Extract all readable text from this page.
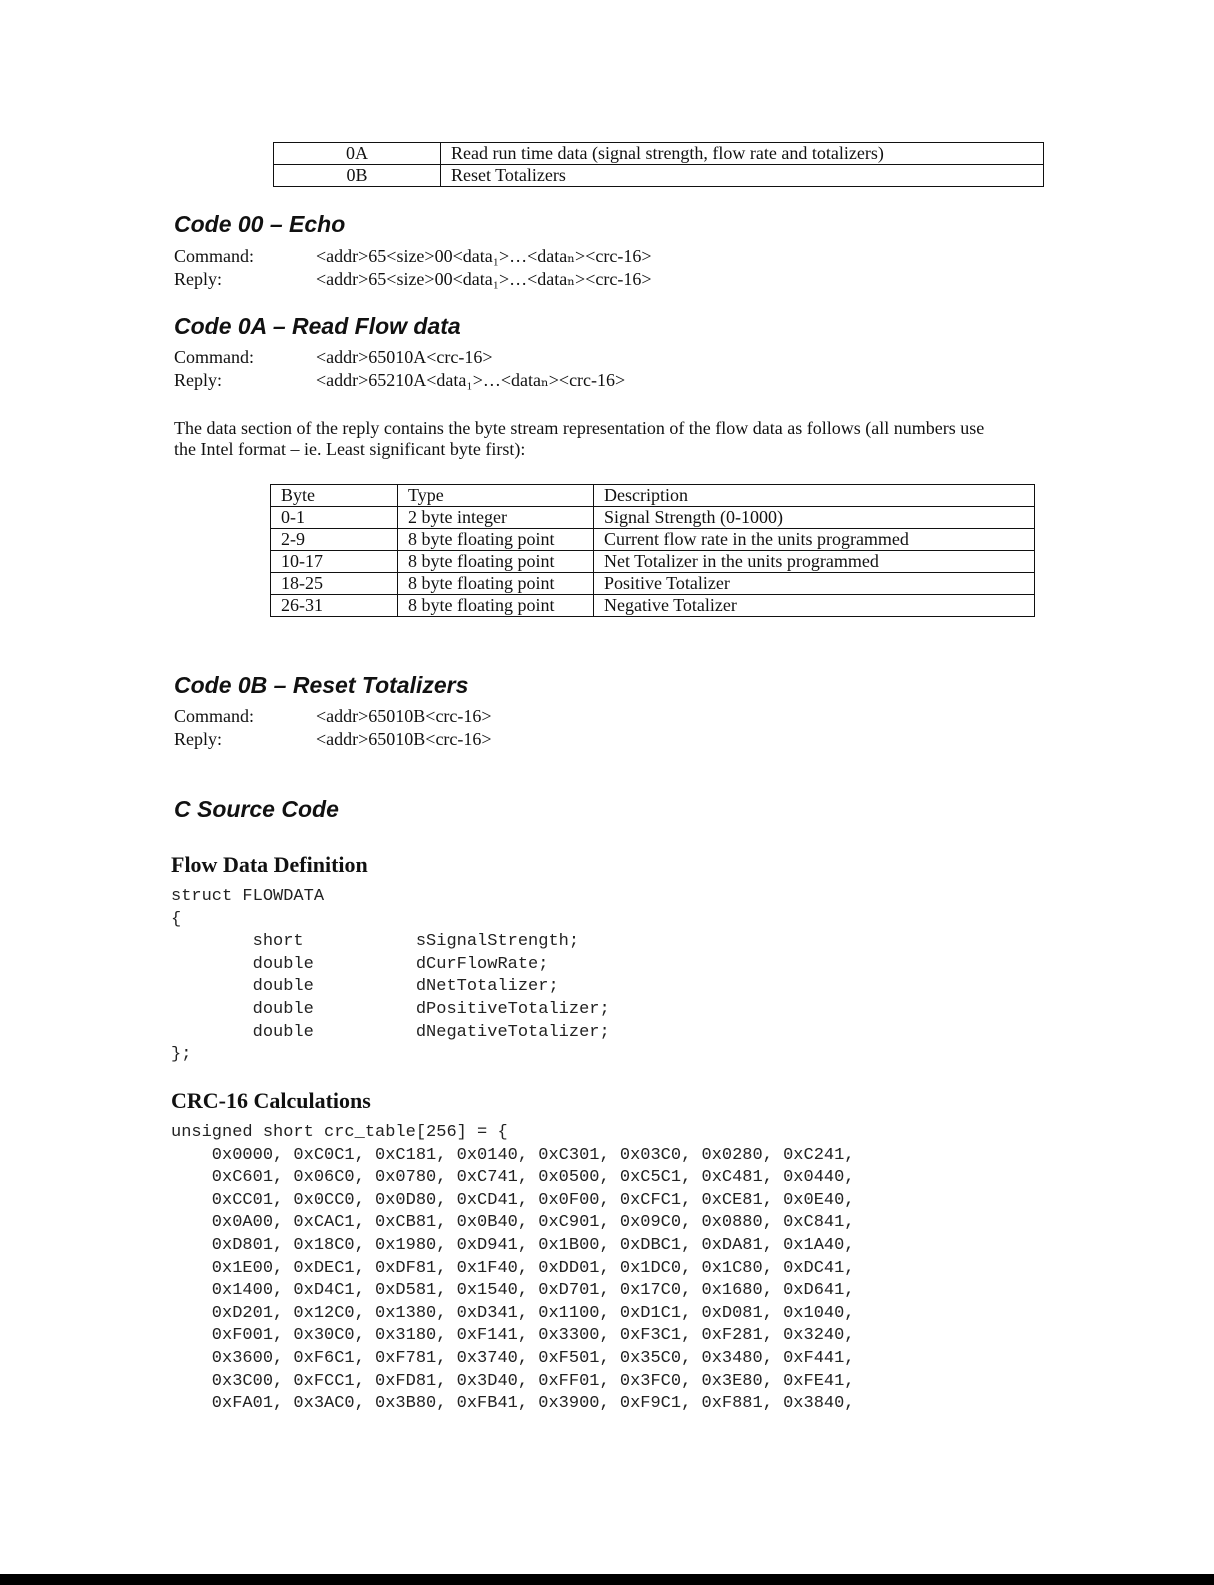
0A	Read run time data (signal strength, flow rate and totalizers)
0B	Reset Totalizers
Code 00 – Echo
Command:	<addr>65<size>00<data₁>…<dataₙ><crc-16>
Reply:	<addr>65<size>00<data₁>…<dataₙ><crc-16>
Code 0A – Read Flow data
Command:	<addr>65010A<crc-16>
Reply:	<addr>65210A<data₁>…<dataₙ><crc-16>
The data section of the reply contains the byte stream representation of the flow data as follows (all numbers use the Intel format – ie. Least significant byte first):
Byte	Type	Description
0-1	2 byte integer	Signal Strength (0-1000)
2-9	8 byte floating point	Current flow rate in the units programmed
10-17	8 byte floating point	Net Totalizer in the units programmed
18-25	8 byte floating point	Positive Totalizer
26-31	8 byte floating point	Negative Totalizer
Code 0B – Reset Totalizers
Command:	<addr>65010B<crc-16>
Reply:	<addr>65010B<crc-16>
C Source Code
Flow Data Definition
struct FLOWDATA
{
short           sSignalStrength;
double          dCurFlowRate;
double          dNetTotalizer;
double          dPositiveTotalizer;
double          dNegativeTotalizer;
};
CRC-16 Calculations
unsigned short crc_table[256] = {
0x0000, 0xC0C1, 0xC181, 0x0140, 0xC301, 0x03C0, 0x0280, 0xC241,
0xC601, 0x06C0, 0x0780, 0xC741, 0x0500, 0xC5C1, 0xC481, 0x0440,
0xCC01, 0x0CC0, 0x0D80, 0xCD41, 0x0F00, 0xCFC1, 0xCE81, 0x0E40,
0x0A00, 0xCAC1, 0xCB81, 0x0B40, 0xC901, 0x09C0, 0x0880, 0xC841,
0xD801, 0x18C0, 0x1980, 0xD941, 0x1B00, 0xDBC1, 0xDA81, 0x1A40,
0x1E00, 0xDEC1, 0xDF81, 0x1F40, 0xDD01, 0x1DC0, 0x1C80, 0xDC41,
0x1400, 0xD4C1, 0xD581, 0x1540, 0xD701, 0x17C0, 0x1680, 0xD641,
0xD201, 0x12C0, 0x1380, 0xD341, 0x1100, 0xD1C1, 0xD081, 0x1040,
0xF001, 0x30C0, 0x3180, 0xF141, 0x3300, 0xF3C1, 0xF281, 0x3240,
0x3600, 0xF6C1, 0xF781, 0x3740, 0xF501, 0x35C0, 0x3480, 0xF441,
0x3C00, 0xFCC1, 0xFD81, 0x3D40, 0xFF01, 0x3FC0, 0x3E80, 0xFE41,
0xFA01, 0x3AC0, 0x3B80, 0xFB41, 0x3900, 0xF9C1, 0xF881, 0x3840,
